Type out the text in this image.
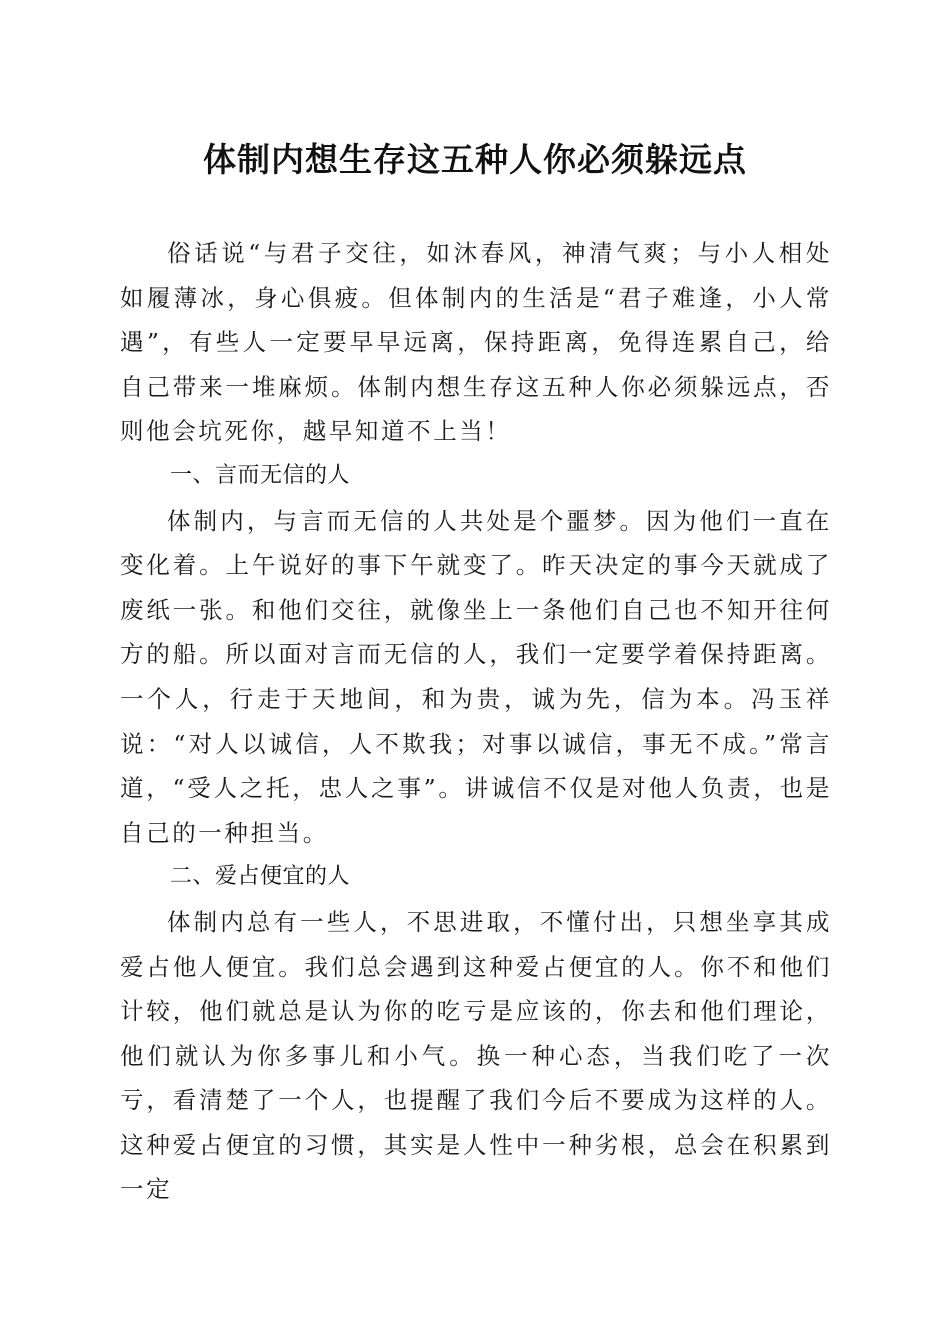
体制内想生存这五种人你必须躲远点

俗话说“与君子交往，如沐春风，神清气爽；与小人相处如履薄冰，身心俱疲。但体制内的生活是“君子难逢，小人常遇”，有些人一定要早早远离，保持距离，免得连累自己，给自己带来一堆麻烦。体制内想生存这五种人你必须躲远点，否则他会坑死你，越早知道不上当！

一、言而无信的人

体制内，与言而无信的人共处是个噩梦。因为他们一直在变化着。上午说好的事下午就变了。昨天决定的事今天就成了废纸一张。和他们交往，就像坐上一条他们自己也不知开往何方的船。所以面对言而无信的人，我们一定要学着保持距离。一个人，行走于天地间，和为贵，诚为先，信为本。冯玉祥说：“对人以诚信，人不欺我；对事以诚信，事无不成。”常言道，“受人之托，忠人之事”。讲诚信不仅是对他人负责，也是自己的一种担当。

二、爱占便宜的人

体制内总有一些人，不思进取，不懂付出，只想坐享其成爱占他人便宜。我们总会遇到这种爱占便宜的人。你不和他们计较，他们就总是认为你的吃亏是应该的，你去和他们理论，他们就认为你多事儿和小气。换一种心态，当我们吃了一次亏，看清楚了一个人，也提醒了我们今后不要成为这样的人。这种爱占便宜的习惯，其实是人性中一种劣根，总会在积累到一定
